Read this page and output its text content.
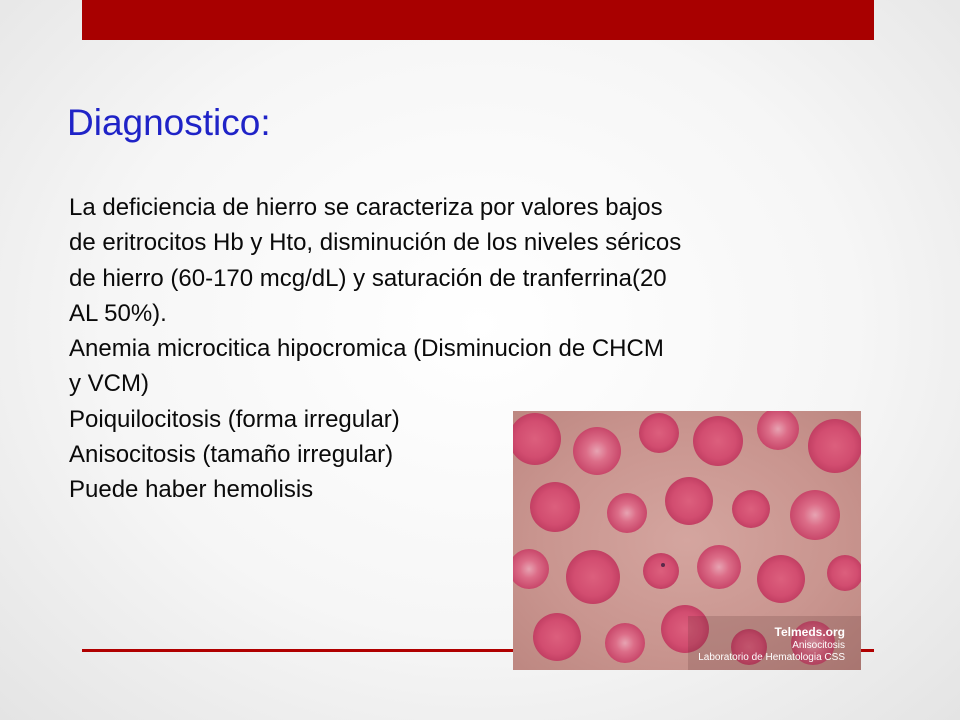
Diagnostico:

La deficiencia de hierro se caracteriza por valores bajos

de eritrocitos Hb y Hto, disminución de los niveles séricos

de hierro (60-170 mcg/dL) y saturación de tranferrina(20

AL 50%).

Anemia microcitica hipocromica (Disminucion de CHCM

y VCM)

Poiquilocitosis (forma irregular)

Anisocitosis (tamaño irregular)

Puede haber hemolisis

Telmeds.org

Anisocitosis

Laboratorio de Hematologia CSS
